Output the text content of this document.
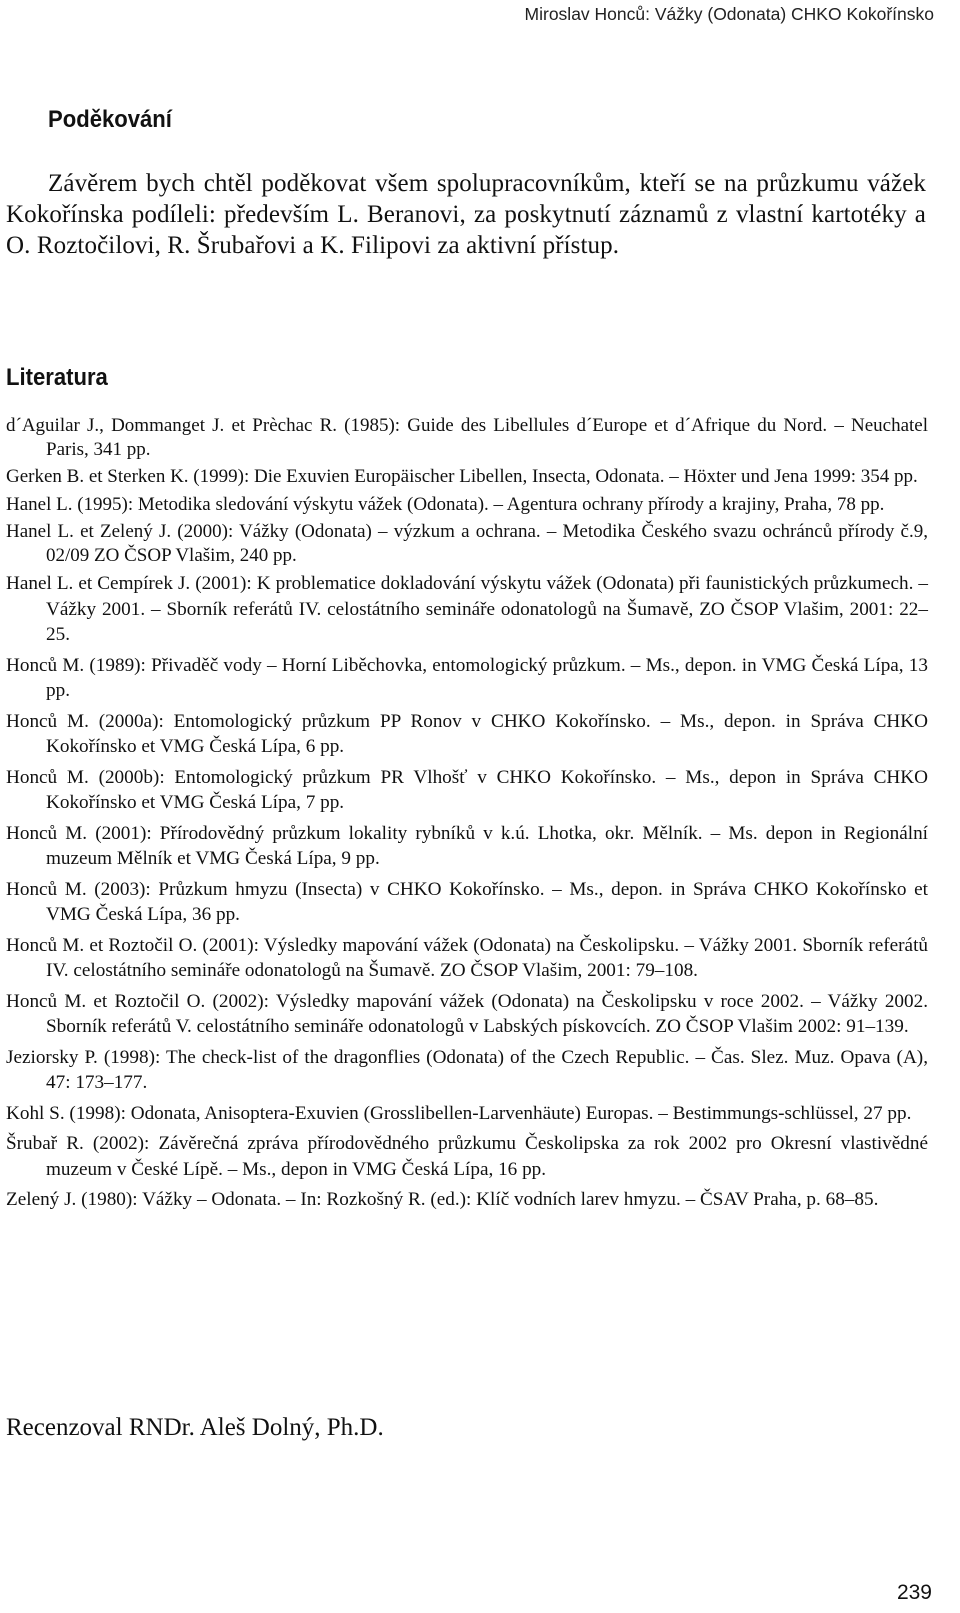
Miroslav Honců: Vážky (Odonata) CHKO Kokořínsko
Poděkování

Závěrem bych chtěl poděkovat všem spolupracovníkům, kteří se na průzkumu vážek Kokořínska podíleli: především L. Beranovi, za poskytnutí záznamů z vlastní kartotéky a O. Roztočilovi, R. Šrubařovi a K. Filipovi za aktivní přístup.

Literatura
d´Aguilar J., Dommanget J. et Prèchac R. (1985): Guide des Libellules d´Europe et d´Afrique du Nord. – Neuchatel Paris, 341 pp.
Gerken B. et Sterken K. (1999): Die Exuvien Europäischer Libellen, Insecta, Odonata. – Höxter und Jena 1999: 354 pp.
Hanel L. (1995): Metodika sledování výskytu vážek (Odonata). – Agentura ochrany přírody a krajiny, Praha, 78 pp.
Hanel L. et Zelený J. (2000): Vážky (Odonata) – výzkum a ochrana. – Metodika Českého svazu ochránců přírody č.9, 02/09 ZO ČSOP Vlašim, 240 pp.
Hanel L. et Cempírek J. (2001): K problematice dokladování výskytu vážek (Odonata) při faunistických průzkumech. – Vážky 2001. – Sborník referátů IV. celostátního semináře odonatologů na Šumavě, ZO ČSOP Vlašim, 2001: 22–25.
Honců M. (1989): Přivaděč vody – Horní Liběchovka, entomologický průzkum. – Ms., depon. in VMG Česká Lípa, 13 pp.
Honců M. (2000a): Entomologický průzkum PP Ronov v CHKO Kokořínsko. – Ms., depon. in Správa CHKO Kokořínsko et VMG Česká Lípa, 6 pp.
Honců M. (2000b): Entomologický průzkum PR Vlhošť v CHKO Kokořínsko. – Ms., depon in Správa CHKO Kokořínsko et VMG Česká Lípa, 7 pp.
Honců M. (2001): Přírodovědný průzkum lokality rybníků v k.ú. Lhotka, okr. Mělník. – Ms. depon in Regionální muzeum Mělník et VMG Česká Lípa, 9 pp.
Honců M. (2003): Průzkum hmyzu (Insecta) v CHKO Kokořínsko. – Ms., depon. in Správa CHKO Kokořínsko et VMG Česká Lípa, 36 pp.
Honců M. et Roztočil O. (2001): Výsledky mapování vážek (Odonata) na Českolipsku. – Vážky 2001. Sborník referátů IV. celostátního semináře odonatologů na Šumavě. ZO ČSOP Vlašim, 2001: 79–108.
Honců M. et Roztočil O. (2002): Výsledky mapování vážek (Odonata) na Českolipsku v roce 2002. – Vážky 2002. Sborník referátů V. celostátního semináře odonatologů v Labských pískovcích. ZO ČSOP Vlašim 2002: 91–139.
Jeziorsky P. (1998): The check-list of the dragonflies (Odonata) of the Czech Republic. – Čas. Slez. Muz. Opava (A), 47: 173–177.
Kohl S. (1998): Odonata, Anisoptera-Exuvien (Grosslibellen-Larvenhäute) Europas. – Bestimmungs-schlüssel, 27 pp.
Šrubař R. (2002): Závěrečná zpráva přírodovědného průzkumu Českolipska za rok 2002 pro Okresní vlastivědné muzeum v České Lípě. – Ms., depon in VMG Česká Lípa, 16 pp.
Zelený J. (1980): Vážky – Odonata. – In: Rozkošný R. (ed.): Klíč vodních larev hmyzu. – ČSAV Praha, p. 68–85.

Recenzoval RNDr. Aleš Dolný, Ph.D.

239
